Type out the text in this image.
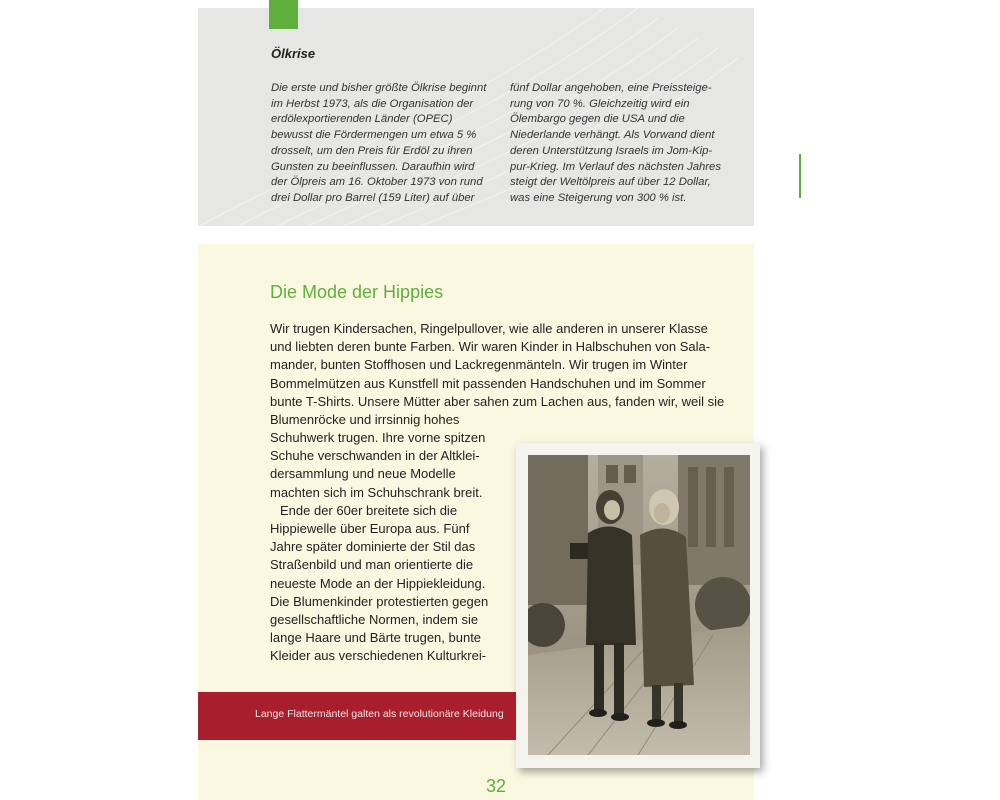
Ölkrise

Die erste und bisher größte Ölkrise beginnt
im Herbst 1973, als die Organisation der
erdölexportierenden Länder (OPEC)
bewusst die Fördermengen um etwa 5 %
drosselt, um den Preis für Erdöl zu ihren
Gunsten zu beeinflussen. Daraufhin wird
der Ölpreis am 16. Oktober 1973 von rund
drei Dollar pro Barrel (159 Liter) auf über

fünf Dollar angehoben, eine Preissteige-
rung von 70 %. Gleichzeitig wird ein
Ölembargo gegen die USA und die
Niederlande verhängt. Als Vorwand dient
deren Unterstützung Israels im Jom-Kip-
pur-Krieg. Im Verlauf des nächsten Jahres
steigt der Weltölpreis auf über 12 Dollar,
was eine Steigerung von 300 % ist.

Die Mode der Hippies

Wir trugen Kindersachen, Ringelpullover, wie alle anderen in unserer Klasse
und liebten deren bunte Farben. Wir waren Kinder in Halbschuhen von Sala-
mander, bunten Stoffhosen und Lackregenmänteln. Wir trugen im Winter
Bommelmützen aus Kunstfell mit passenden Handschuhen und im Sommer
bunte T-Shirts. Unsere Mütter aber sahen zum Lachen aus, fanden wir, weil sie
Blumenröcke und irrsinnig hohes

Schuhwerk trugen. Ihre vorne spitzen
Schuhe verschwanden in der Altklei-
dersammlung und neue Modelle
machten sich im Schuhschrank breit.
Ende der 60er breitete sich die
Hippiewelle über Europa aus. Fünf
Jahre später dominierte der Stil das
Straßenbild und man orientierte die
neueste Mode an der Hippiekleidung.
Die Blumenkinder protestierten gegen
gesellschaftliche Normen, indem sie
lange Haare und Bärte trugen, bunte
Kleider aus verschiedenen Kulturkrei-
Lange Flattermäntel galten als revolutionäre Kleidung
32
